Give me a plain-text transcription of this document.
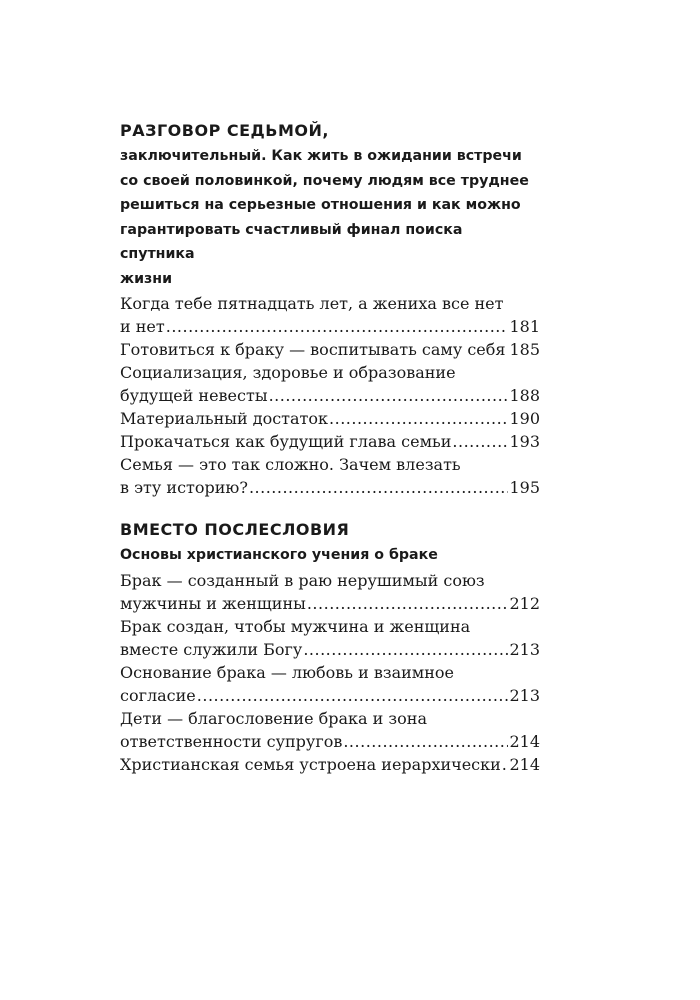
РАЗГОВОР СЕДЬМОЙ,
заключительный. Как жить в ожидании встречи
со своей половинкой, почему людям все труднее
решиться на серьезные отношения и как можно
гарантировать счастливый финал поиска спутника
жизни
Когда тебе пятнадцать лет, а жениха все нет
и нет .....	181
Готовиться к браку — воспитывать саму себя ..... 185
Социализация, здоровье и образование
будущей невесты .....	188
Материальный достаток .....	190
Прокачаться как будущий глава семьи .....	193
Семья — это так сложно. Зачем влезать
в эту историю? .....	195
ВМЕСТО ПОСЛЕСЛОВИЯ
Основы христианского учения о браке
Брак — созданный в раю нерушимый союз
мужчины и женщины .....	212
Брак создан, чтобы мужчина и женщина
вместе служили Богу .....	213
Основание брака — любовь и взаимное
согласие .....	213
Дети — благословение брака и зона
ответственности супругов .....	214
Христианская семья устроена иерархически ..... 214
